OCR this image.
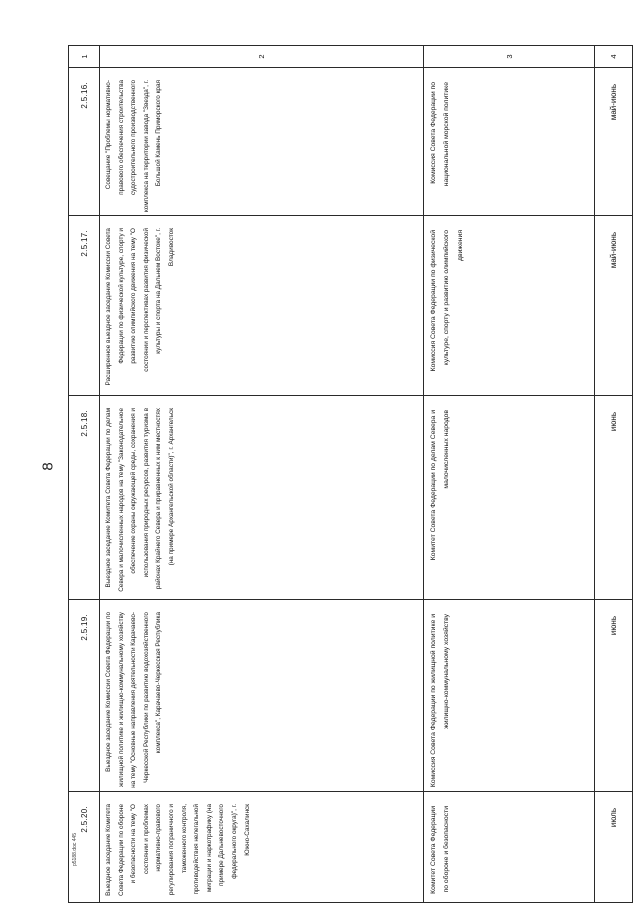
8
p5188.doc 445
1	2	3	4
2.5.16.	Совещание "Проблемы нормативно-правового обеспечения строительства судостроительного производственного комплекса на территории завода "Звезда", г. Большой Камень Приморского края	Комиссия Совета Федерации по национальной морской политике	май-июнь
2.5.17.	Расширенное выездное заседание Комиссии Совета Федерации по физической культуре, спорту и развитию олимпийского движения на тему "О состоянии и перспективах развития физической культуры и спорта на Дальнем Востоке", г. Владивосток	Комиссия Совета Федерации по физической культуре, спорту и развитию олимпийского движения	май-июнь
2.5.18.	Выездное заседание Комитета Совета Федерации по делам Севера и малочисленных народов на тему "Законодательное обеспечение охраны окружающей среды, сохранения и использования природных ресурсов, развития туризма в районах Крайнего Севера и приравненных к ним местностях (на примере Архангельской области)", г. Архангельск	Комитет Совета Федерации по делам Севера и малочисленных народов	июнь
2.5.19.	Выездное заседание Комиссии Совета Федерации по жилищной политике и жилищно-коммунальному хозяйству на тему "Основные направления деятельности Карачаево-Черкесской Республики по развитию водохозяйственного комплекса", Карачаево-Черкесская Республика	Комиссия Совета Федерации по жилищной политике и жилищно-коммунальному хозяйству	июнь
2.5.20.	Выездное заседание Комитета Совета Федерации по обороне и безопасности на тему "О состоянии и проблемах нормативно-правового регулирования пограничного и таможенного контроля, противодействия нелегальной миграции и наркотрафику (на примере Дальневосточного федерального округа)", г. Южно-Сахалинск	Комитет Совета Федерации по обороне и безопасности	июль
